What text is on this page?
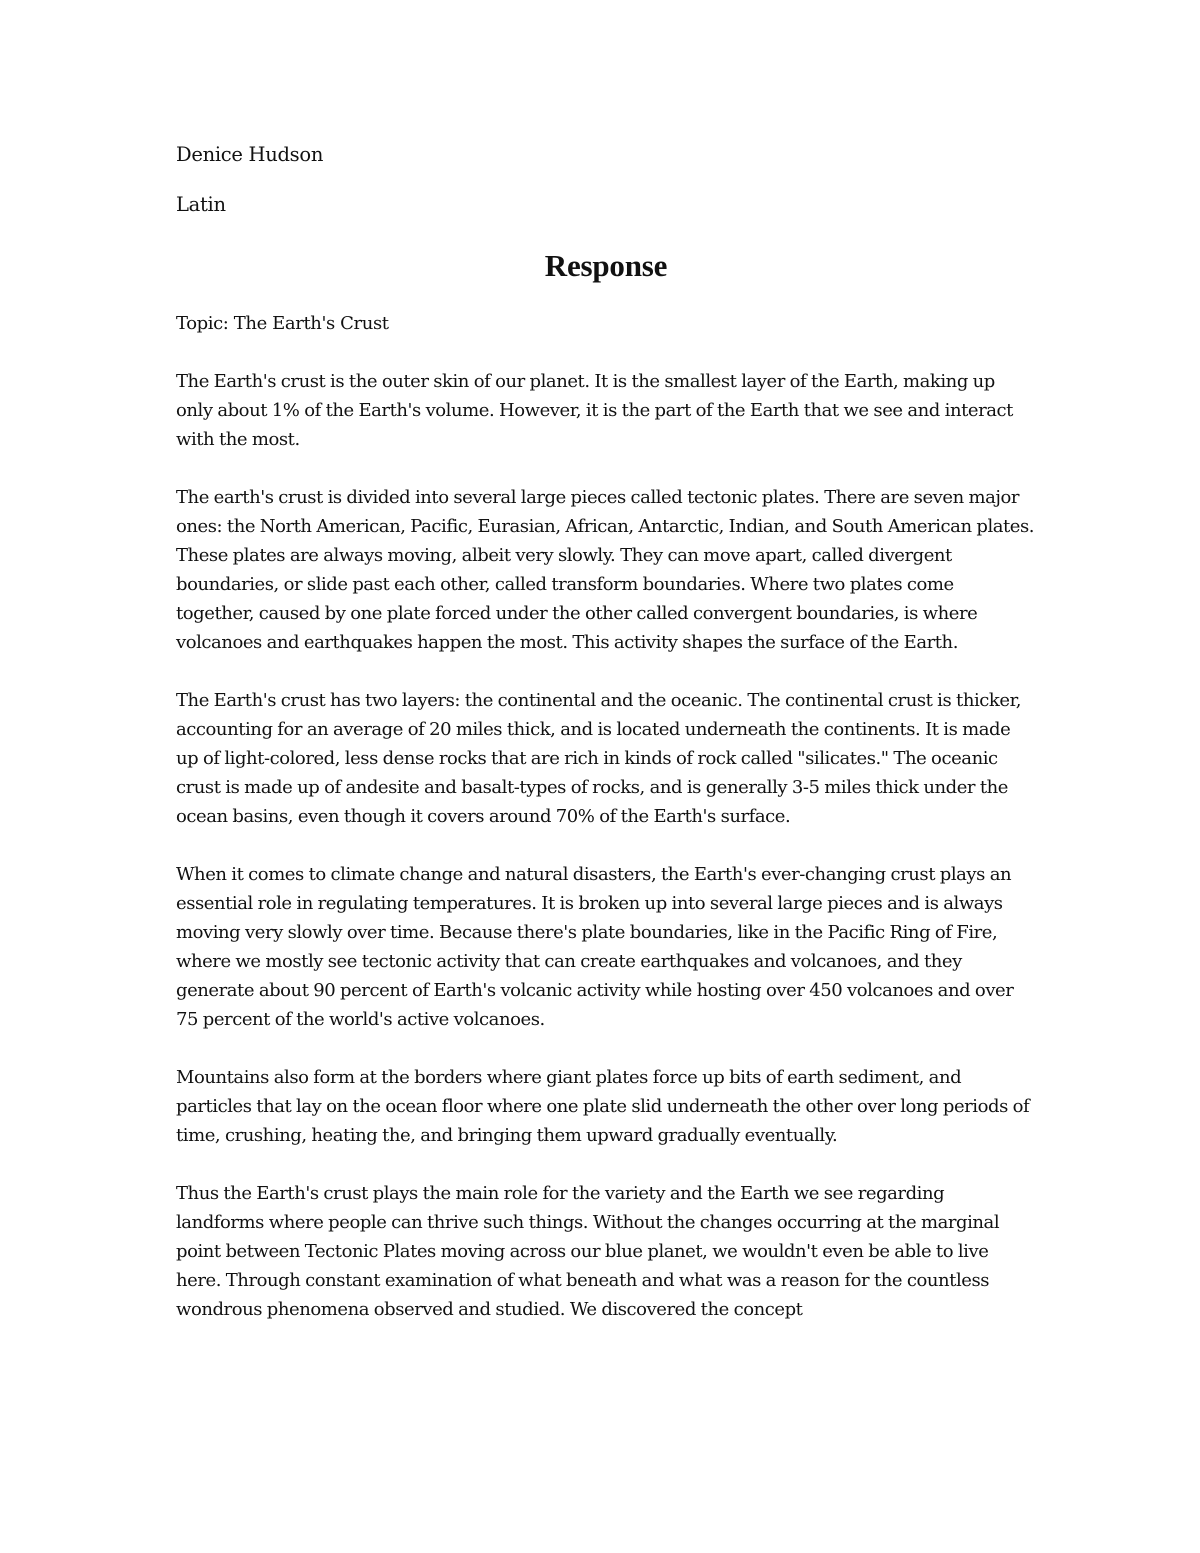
Denice Hudson

Latin

Response

Topic: The Earth's Crust

The Earth's crust is the outer skin of our planet. It is the smallest layer of the Earth, making up only about 1% of the Earth's volume. However, it is the part of the Earth that we see and interact with the most.

The earth's crust is divided into several large pieces called tectonic plates. There are seven major ones: the North American, Pacific, Eurasian, African, Antarctic, Indian, and South American plates. These plates are always moving, albeit very slowly. They can move apart, called divergent boundaries, or slide past each other, called transform boundaries. Where two plates come together, caused by one plate forced under the other called convergent boundaries, is where volcanoes and earthquakes happen the most. This activity shapes the surface of the Earth.

The Earth's crust has two layers: the continental and the oceanic. The continental crust is thicker, accounting for an average of 20 miles thick, and is located underneath the continents. It is made up of light-colored, less dense rocks that are rich in kinds of rock called "silicates." The oceanic crust is made up of andesite and basalt-types of rocks, and is generally 3-5 miles thick under the ocean basins, even though it covers around 70% of the Earth's surface.

When it comes to climate change and natural disasters, the Earth's ever-changing crust plays an essential role in regulating temperatures. It is broken up into several large pieces and is always moving very slowly over time. Because there's plate boundaries, like in the Pacific Ring of Fire, where we mostly see tectonic activity that can create earthquakes and volcanoes, and they generate about 90 percent of Earth's volcanic activity while hosting over 450 volcanoes and over 75 percent of the world's active volcanoes.

Mountains also form at the borders where giant plates force up bits of earth sediment, and particles that lay on the ocean floor where one plate slid underneath the other over long periods of time, crushing, heating the, and bringing them upward gradually eventually.

Thus the Earth's crust plays the main role for the variety and the Earth we see regarding landforms where people can thrive such things. Without the changes occurring at the marginal point between Tectonic Plates moving across our blue planet, we wouldn't even be able to live here. Through constant examination of what beneath and what was a reason for the countless wondrous phenomena observed and studied. We discovered the concept
